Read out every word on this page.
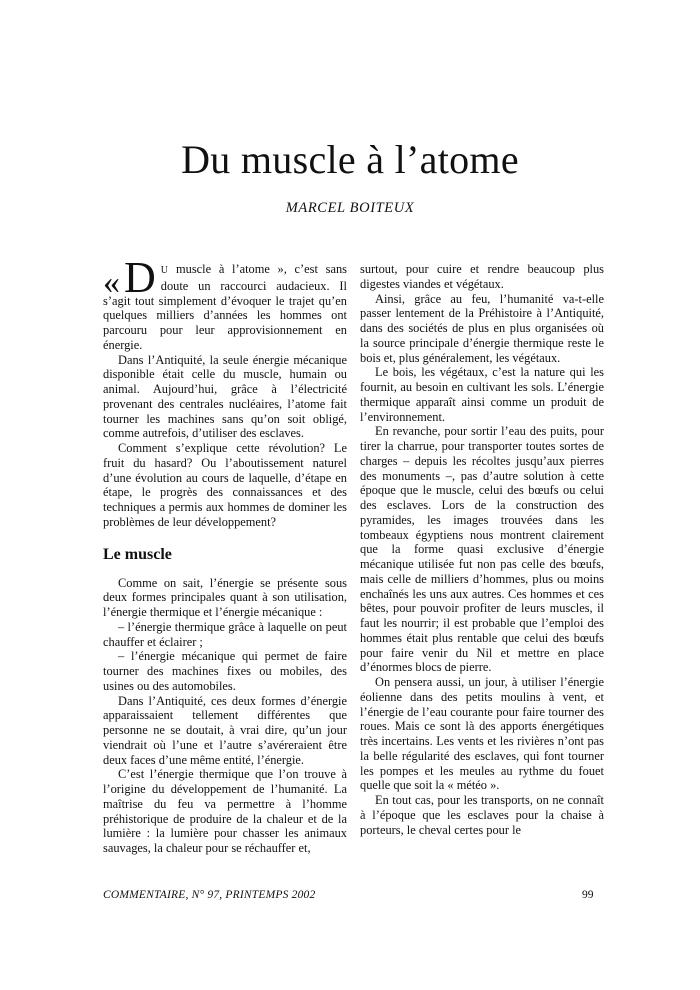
Du muscle à l’atome
MARCEL BOITEUX

«D U muscle à l’atome », c’est sans doute un raccourci audacieux. Il s’agit tout simplement d’évoquer le trajet qu’en quelques milliers d’années les hommes ont parcouru pour leur approvisionnement en énergie.

Dans l’Antiquité, la seule énergie mécanique disponible était celle du muscle, humain ou animal. Aujourd’hui, grâce à l’électricité provenant des centrales nucléaires, l’atome fait tourner les machines sans qu’on soit obligé, comme autrefois, d’utiliser des esclaves.

Comment s’explique cette révolution? Le fruit du hasard? Ou l’aboutissement naturel d’une évolution au cours de laquelle, d’étape en étape, le progrès des connaissances et des techniques a permis aux hommes de dominer les problèmes de leur développement?

Le muscle

Comme on sait, l’énergie se présente sous deux formes principales quant à son utilisation, l’énergie thermique et l’énergie mécanique :

– l’énergie thermique grâce à laquelle on peut chauffer et éclairer ;

– l’énergie mécanique qui permet de faire tourner des machines fixes ou mobiles, des usines ou des automobiles.

Dans l’Antiquité, ces deux formes d’énergie apparaissaient tellement différentes que personne ne se doutait, à vrai dire, qu’un jour viendrait où l’une et l’autre s’avéreraient être deux faces d’une même entité, l’énergie.

C’est l’énergie thermique que l’on trouve à l’origine du développement de l’humanité. La maîtrise du feu va permettre à l’homme préhistorique de produire de la chaleur et de la lumière : la lumière pour chasser les animaux sauvages, la chaleur pour se réchauffer et,

surtout, pour cuire et rendre beaucoup plus digestes viandes et végétaux.

Ainsi, grâce au feu, l’humanité va-t-elle passer lentement de la Préhistoire à l’Antiquité, dans des sociétés de plus en plus organisées où la source principale d’énergie thermique reste le bois et, plus généralement, les végétaux.

Le bois, les végétaux, c’est la nature qui les fournit, au besoin en cultivant les sols. L’énergie thermique apparaît ainsi comme un produit de l’environnement.

En revanche, pour sortir l’eau des puits, pour tirer la charrue, pour transporter toutes sortes de charges – depuis les récoltes jusqu’aux pierres des monuments –, pas d’autre solution à cette époque que le muscle, celui des bœufs ou celui des esclaves. Lors de la construction des pyramides, les images trouvées dans les tombeaux égyptiens nous montrent clairement que la forme quasi exclusive d’énergie mécanique utilisée fut non pas celle des bœufs, mais celle de milliers d’hommes, plus ou moins enchaînés les uns aux autres. Ces hommes et ces bêtes, pour pouvoir profiter de leurs muscles, il faut les nourrir; il est probable que l’emploi des hommes était plus rentable que celui des bœufs pour faire venir du Nil et mettre en place d’énormes blocs de pierre.

On pensera aussi, un jour, à utiliser l’énergie éolienne dans des petits moulins à vent, et l’énergie de l’eau courante pour faire tourner des roues. Mais ce sont là des apports énergétiques très incertains. Les vents et les rivières n’ont pas la belle régularité des esclaves, qui font tourner les pompes et les meules au rythme du fouet quelle que soit la « météo ».

En tout cas, pour les transports, on ne connaît à l’époque que les esclaves pour la chaise à porteurs, le cheval certes pour le

COMMENTAIRE, N° 97, PRINTEMPS 2002	99
